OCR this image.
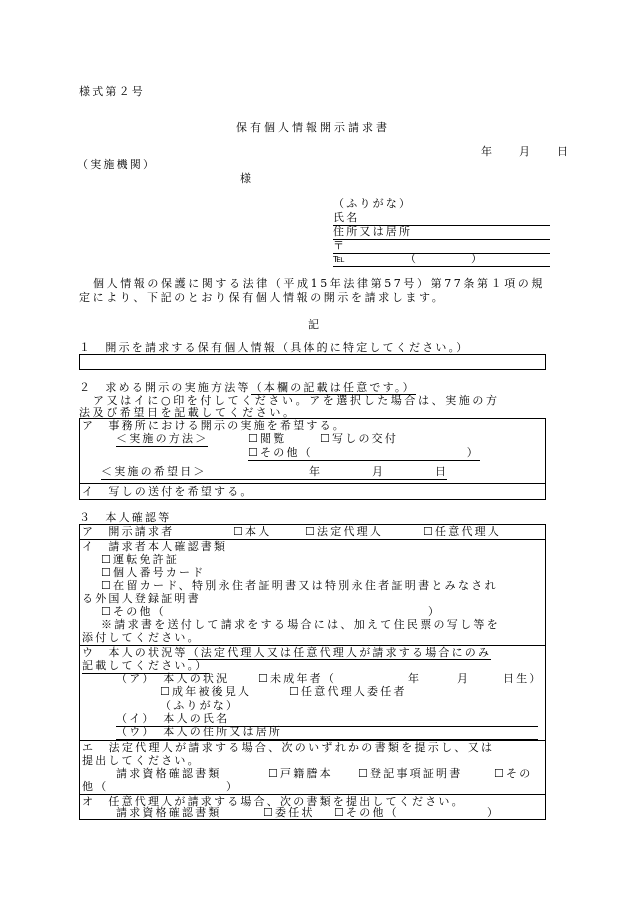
様式第２号
保有個人情報開示請求書
年　月　日
（実施機関）
様
（ふりがな）
氏名
住所又は居所
〒
℡	（　　　　）
個人情報の保護に関する法律（平成15年法律第57号）第77条第１項の規
定により、下記のとおり保有個人情報の開示を請求します。
記
１　開示を請求する保有個人情報（具体的に特定してください。）
２　求める開示の実施方法等（本欄の記載は任意です。）
ア又はイに○印を付してください。アを選択した場合は、実施の方
法及び希望日を記載してください。
ア　事務所における開示の実施を希望する。
＜実施の方法＞	☐閲覧	☐写しの交付
☐その他（	）
＜実施の希望日＞	年	月	日
イ　写しの送付を希望する。
３　本人確認等
ア　開示請求者	☐本人	☐法定代理人	☐任意代理人
イ　請求者本人確認書類
☐運転免許証
☐個人番号カード
☐在留カード、特別永住者証明書又は特別永住者証明書とみなされ
る外国人登録証明書
☐その他（	）
※請求書を送付して請求をする場合には、加えて住民票の写し等を
添付してください。
ウ　本人の状況等（法定代理人又は任意代理人が請求する場合にのみ
記載してください。）
（ア）　本人の状況	☐未成年者（	年	月	日生）
☐成年被後見人	☐任意代理人委任者
（ふりがな）
（イ）　本人の氏名
（ウ）　本人の住所又は居所
エ　法定代理人が請求する場合、次のいずれかの書類を提示し、又は
提出してください。
請求資格確認書類	☐戸籍謄本 ☐登記事項証明書	☐その
他（	）
オ　任意代理人が請求する場合、次の書類を提出してください。
請求資格確認書類	☐委任状 ☐その他（	）
